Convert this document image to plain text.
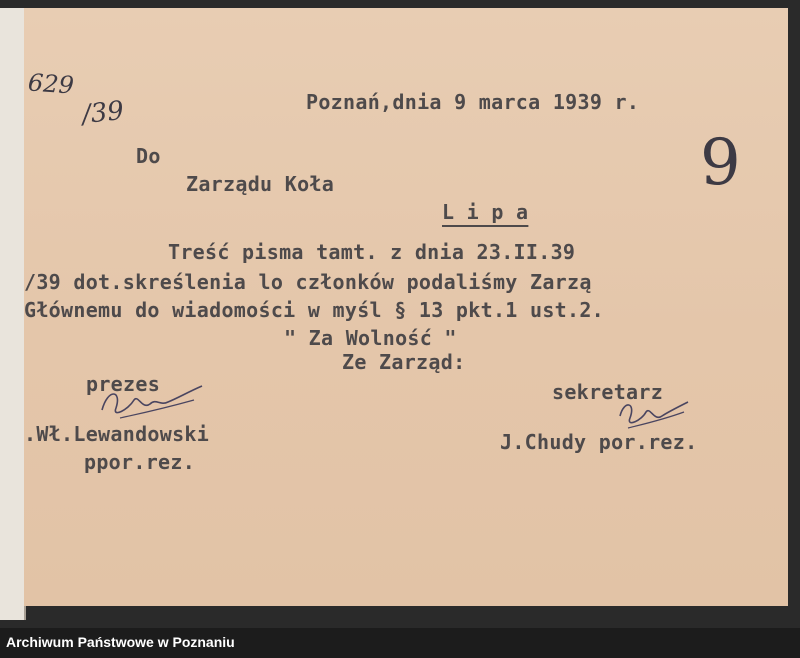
629
/39
9
Poznań,dnia 9 marca 1939 r.
Do
Zarządu Koła
L i p a
Treść pisma tamt. z dnia 23.II.39
/39 dot.skreślenia lo członków podaliśmy Zarzą
Głównemu do wiadomości w myśl § 13 pkt.1 ust.2.
" Za Wolność "
Ze Zarząd:
prezes
.Wł.Lewandowski
ppor.rez.
sekretarz
J.Chudy por.rez.
Archiwum Państwowe w Poznaniu
